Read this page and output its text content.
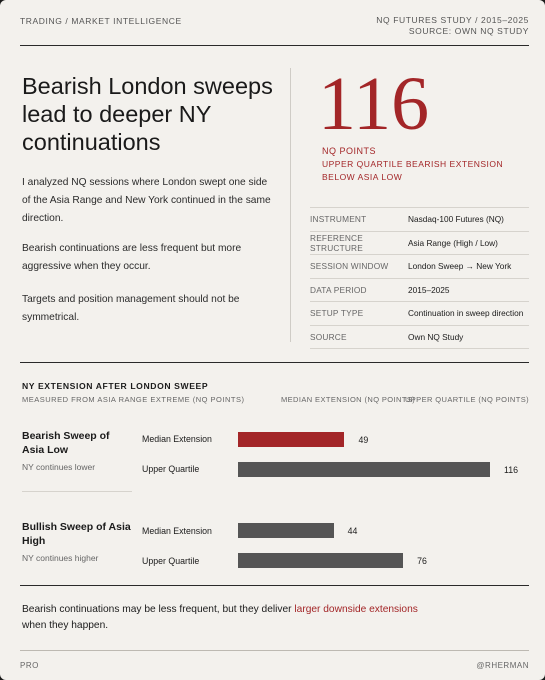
TRADING / MARKET INTELLIGENCE	NQ FUTURES STUDY / 2015–2025
SOURCE: OWN NQ STUDY
Bearish London sweeps lead to deeper NY continuations
I analyzed NQ sessions where London swept one side of the Asia Range and New York continued in the same direction.
Bearish continuations are less frequent but more aggressive when they occur.
Targets and position management should not be symmetrical.
116
NQ POINTS
UPPER QUARTILE BEARISH EXTENSION BELOW ASIA LOW
INSTRUMENT	Nasdaq-100 Futures (NQ)
REFERENCE STRUCTURE	Asia Range (High / Low)
SESSION WINDOW	London Sweep → New York
DATA PERIOD	2015–2025
SETUP TYPE	Continuation in sweep direction
SOURCE	Own NQ Study
NY EXTENSION AFTER LONDON SWEEP
MEASURED FROM ASIA RANGE EXTREME (NQ POINTS)	MEDIAN EXTENSION (NQ POINTS)
UPPER QUARTILE (NQ POINTS)
Bearish Sweep of Asia Low
NY continues lower
Median Extension
Upper Quartile
49
116
Bullish Sweep of Asia High
NY continues higher
Median Extension
Upper Quartile
44
76
Bearish continuations may be less frequent, but they deliver larger downside extensions when they happen.
PRO	@RHERMAN
